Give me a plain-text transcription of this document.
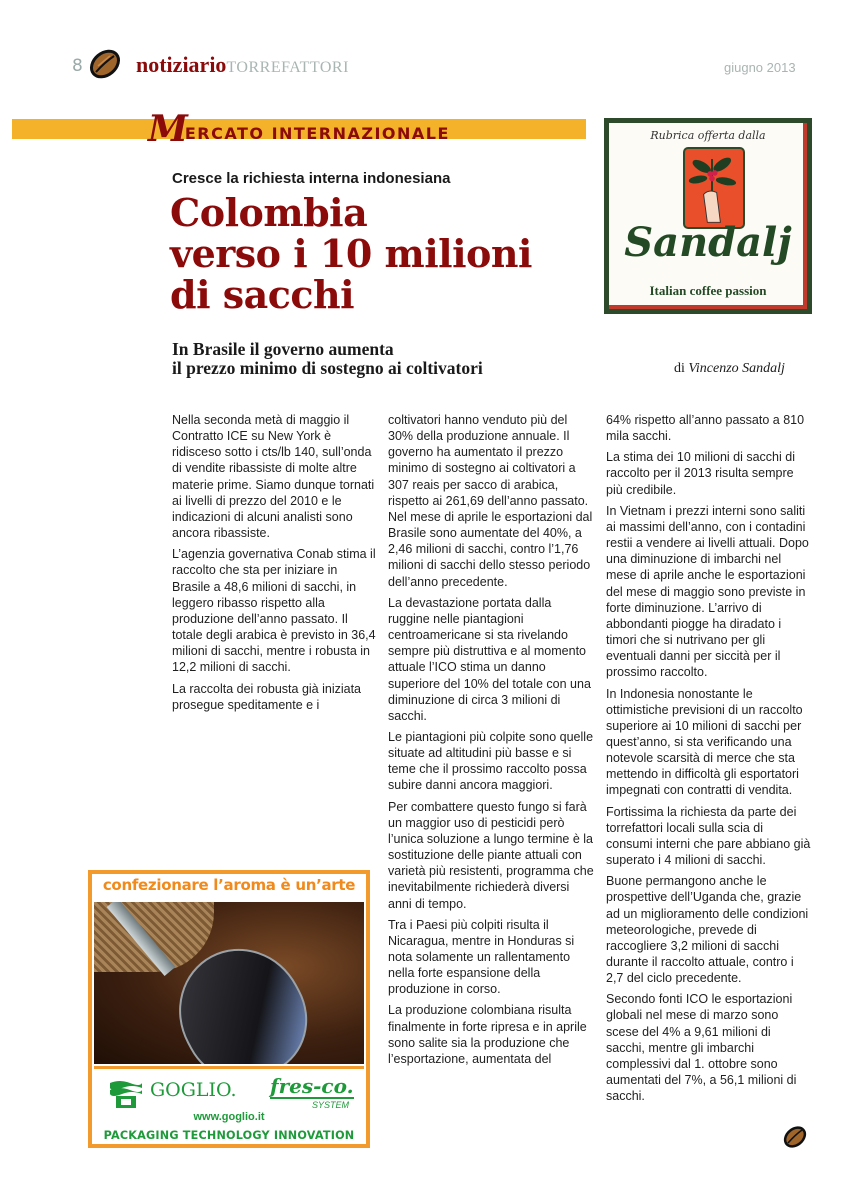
8 notiziarioTORREFATTORI	giugno 2013
M
ERCATO INTERNAZIONALE	Rubrica offerta dalla
Sandalj
Italian coffee passion
Cresce la richiesta interna indonesiana
Colombia
verso i 10 milioni
di sacchi
In Brasile il governo aumenta
il prezzo minimo di sostegno ai coltivatori	di Vincenzo Sandalj

Nella seconda metà di maggio il Contratto ICE su New York è ridisceso sotto i cts/lb 140, sull’onda di vendite ribassiste di molte altre materie prime. Siamo dunque tornati ai livelli di prezzo del 2010 e le indicazioni di alcuni analisti sono ancora ribassiste.

L’agenzia governativa Conab stima il raccolto che sta per iniziare in Brasile a 48,6 milioni di sacchi, in leggero ribasso rispetto alla produzione dell’anno passato. Il totale degli arabica è previsto in 36,4 milioni di sacchi, mentre i robusta in 12,2 milioni di sacchi.

La raccolta dei robusta già iniziata prosegue speditamente e i

coltivatori hanno venduto più del 30% della produzione annuale. Il governo ha aumentato il prezzo minimo di sostegno ai coltivatori a 307 reais per sacco di arabica, rispetto ai 261,69 dell’anno passato. Nel mese di aprile le esportazioni dal Brasile sono aumentate del 40%, a 2,46 milioni di sacchi, contro l’1,76 milioni di sacchi dello stesso periodo dell’anno precedente.

La devastazione portata dalla ruggine nelle piantagioni centroamericane si sta rivelando sempre più distruttiva e al momento attuale l’ICO stima un danno superiore del 10% del totale con una diminuzione di circa 3 milioni di sacchi.

Le piantagioni più colpite sono quelle situate ad altitudini più basse e si teme che il prossimo raccolto possa subire danni ancora maggiori.

Per combattere questo fungo si farà un maggior uso di pesticidi però l’unica soluzione a lungo termine è la sostituzione delle piante attuali con varietà più resistenti, programma che inevitabilmente richiederà diversi anni di tempo.

Tra i Paesi più colpiti risulta il Nicaragua, mentre in Honduras si nota solamente un rallentamento nella forte espansione della produzione in corso.

La produzione colombiana risulta finalmente in forte ripresa e in aprile sono salite sia la produzione che l’esportazione, aumentata del

64% rispetto all’anno passato a 810 mila sacchi.

La stima dei 10 milioni di sacchi di raccolto per il 2013 risulta sempre più credibile.

In Vietnam i prezzi interni sono saliti ai massimi dell’anno, con i contadini restii a vendere ai livelli attuali. Dopo una diminuzione di imbarchi nel mese di aprile anche le esportazioni del mese di maggio sono previste in forte diminuzione. L’arrivo di abbondanti piogge ha diradato i timori che si nutrivano per gli eventuali danni per siccità per il prossimo raccolto.

In Indonesia nonostante le ottimistiche previsioni di un raccolto superiore ai 10 milioni di sacchi per quest’anno, si sta verificando una notevole scarsità di merce che sta mettendo in difficoltà gli esportatori impegnati con contratti di vendita.

Fortissima la richiesta da parte dei torrefattori locali sulla scia di consumi interni che pare abbiano già superato i 4 milioni di sacchi.

Buone permangono anche le prospettive dell’Uganda che, grazie ad un miglioramento delle condizioni meteorologiche, prevede di raccogliere 3,2 milioni di sacchi durante il raccolto attuale, contro i 2,7 del ciclo precedente.

Secondo fonti ICO le esportazioni globali nel mese di marzo sono scese del 4% a 9,61 milioni di sacchi, mentre gli imbarchi complessivi dal 1. ottobre sono aumentati del 7%, a 56,1 milioni di sacchi.

confezionare l’aroma è un’arte
GOGLIO. fres-co.
SYSTEM
www.goglio.it
PACKAGING TECHNOLOGY INNOVATION
